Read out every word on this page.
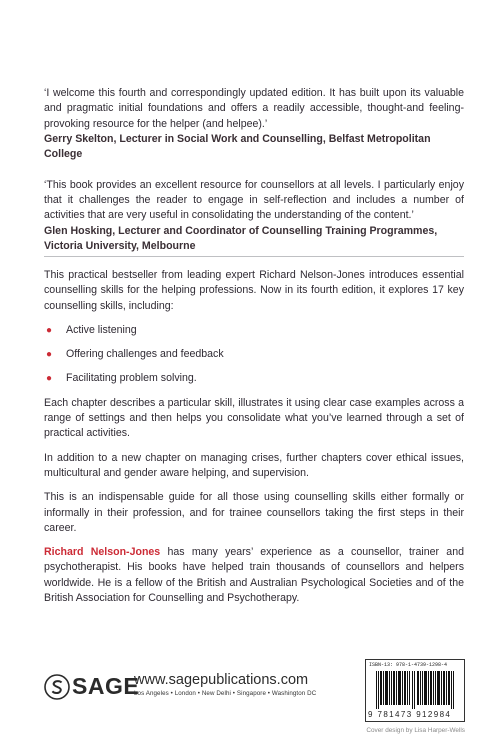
‘I welcome this fourth and correspondingly updated edition. It has built upon its valuable and pragmatic initial foundations and offers a readily accessible, thought-and feeling-provoking resource for the helper (and helpee).’

Gerry Skelton, Lecturer in Social Work and Counselling, Belfast Metropolitan College

‘This book provides an excellent resource for counsellors at all levels. I particularly enjoy that it challenges the reader to engage in self-reflection and includes a number of activities that are very useful in consolidating the understanding of the content.’

Glen Hosking, Lecturer and Coordinator of Counselling Training Programmes, Victoria University, Melbourne

This practical bestseller from leading expert Richard Nelson-Jones introduces essential counselling skills for the helping professions. Now in its fourth edition, it explores 17 key counselling skills, including:

● Active listening
● Offering challenges and feedback
● Facilitating problem solving.

Each chapter describes a particular skill, illustrates it using clear case examples across a range of settings and then helps you consolidate what you’ve learned through a set of practical activities.

In addition to a new chapter on managing crises, further chapters cover ethical issues, multicultural and gender aware helping, and supervision.

This is an indispensable guide for all those using counselling skills either formally or informally in their profession, and for trainee counsellors taking the first steps in their career.

Richard Nelson-Jones has many years’ experience as a counsellor, trainer and psychotherapist. His books have helped train thousands of counsellors and helpers worldwide. He is a fellow of the British and Australian Psychological Societies and of the British Association for Counselling and Psychotherapy.

SAGE

www.sagepublications.com

Los Angeles • London • New Delhi • Singapore • Washington DC

ISBN-13: 978-1-4739-1298-4
9 781473 912984
Cover design by Lisa Harper-Wells
